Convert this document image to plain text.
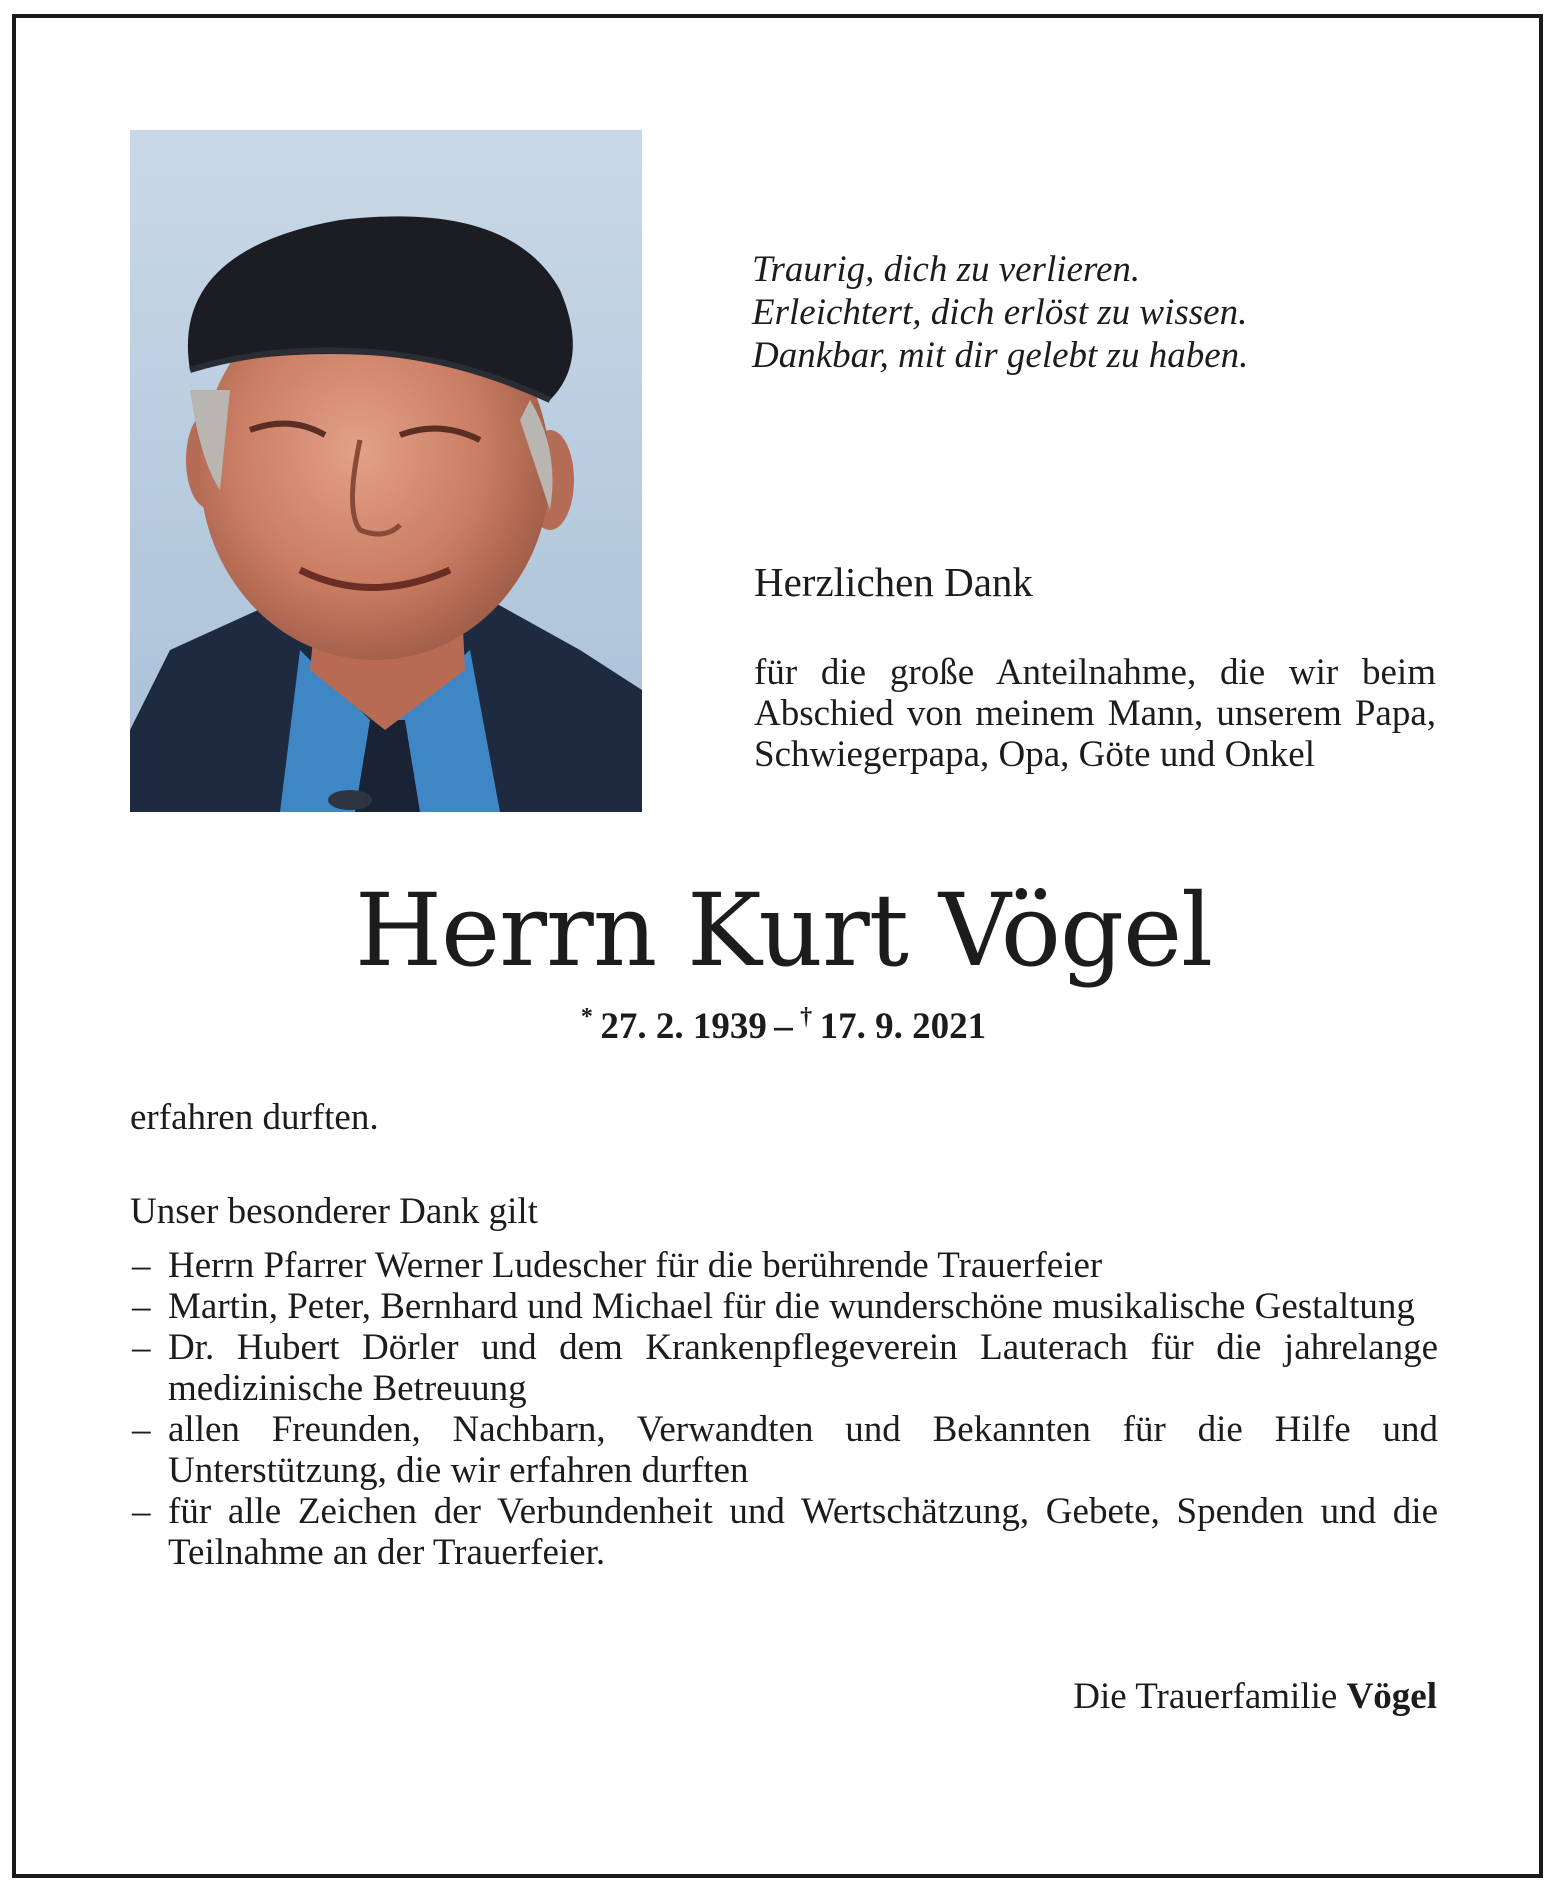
Traurig, dich zu verlieren.
Erleichtert, dich erlöst zu wissen.
Dankbar, mit dir gelebt zu haben.
Herzlichen Dank
für die große Anteilnahme, die wir beim Abschied von meinem Mann, unserem Papa, Schwiegerpapa, Opa, Göte und Onkel
Herrn Kurt Vögel
*  27. 2. 1939  –  †  17. 9. 2021
erfahren durften.
Unser besonderer Dank gilt
– Herrn Pfarrer Werner Ludescher für die berührende Trauerfeier
– Martin, Peter, Bernhard und Michael für die wunderschöne musikalische Gestaltung
– Dr. Hubert Dörler und dem Krankenpflegeverein Lauterach für die jahrelange medizinische Betreuung
– allen Freunden, Nachbarn, Verwandten und Bekannten für die Hilfe und Unterstützung, die wir erfahren durften
– für alle Zeichen der Verbundenheit und Wertschätzung, Gebete, Spenden und die Teilnahme an der Trauerfeier.
Die Trauerfamilie Vögel
